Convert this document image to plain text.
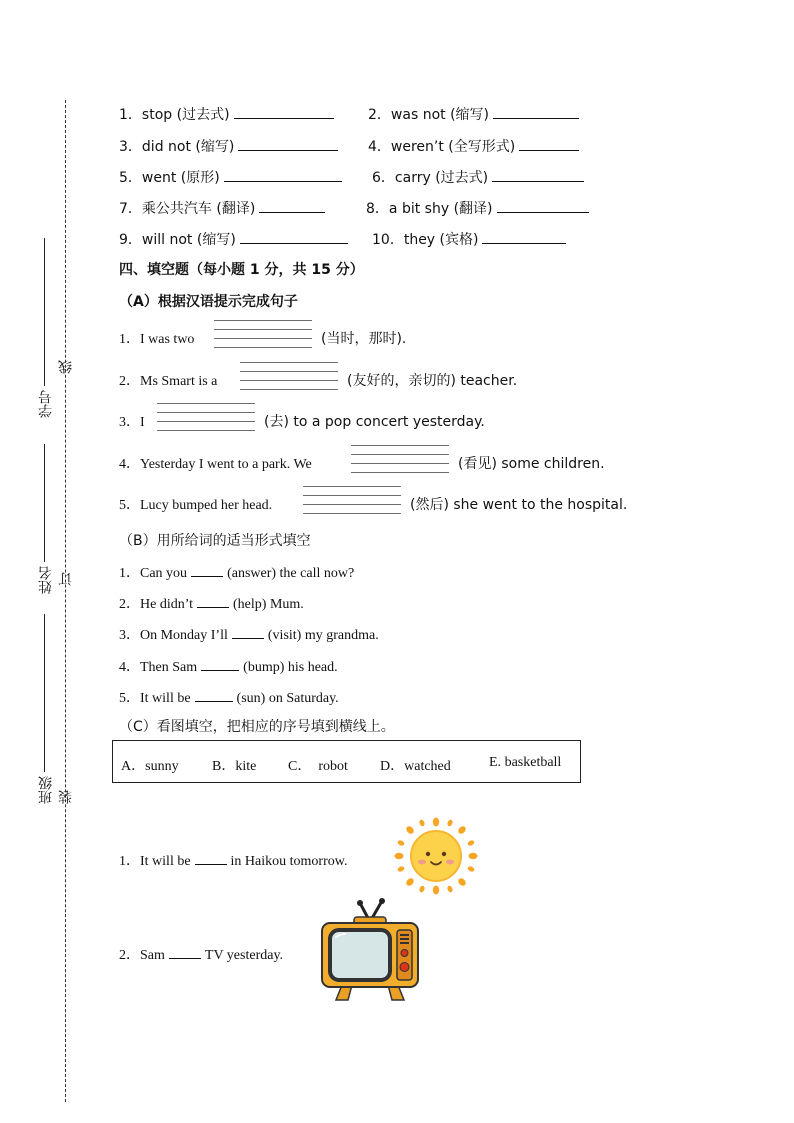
学号
姓名
班级
线
订
装
1．stop (过去式)	2．was not (缩写)
3．did not (缩写)	4．weren’t (全写形式)
5．went (原形)	6．carry (过去式)
7．乘公共汽车 (翻译)	8．a bit shy (翻译)
9．will not (缩写)	10．they (宾格)
四、填空题（每小题 1 分，共 15 分）
（A）根据汉语提示完成句子
1．I was two	(当时，那时).
2．Ms Smart is a	(友好的，亲切的) teacher.
3．I	(去) to a pop concert yesterday.
4．Yesterday I went to a park. We	(看见) some children.
5．Lucy bumped her head.	(然后) she went to the hospital.
（B）用所给词的适当形式填空
1．Can you	(answer) the call now?
2．He didn’t	(help) Mum.
3．On Monday I’ll	(visit) my grandma.
4．Then Sam	(bump) his head.
5．It will be	(sun) on Saturday.
（C）看图填空，把相应的序号填到横线上。
A．sunny B．kite C． robot D．watched	E. basketball
1．It will be	in Haikou tomorrow.
2．Sam	TV yesterday.
